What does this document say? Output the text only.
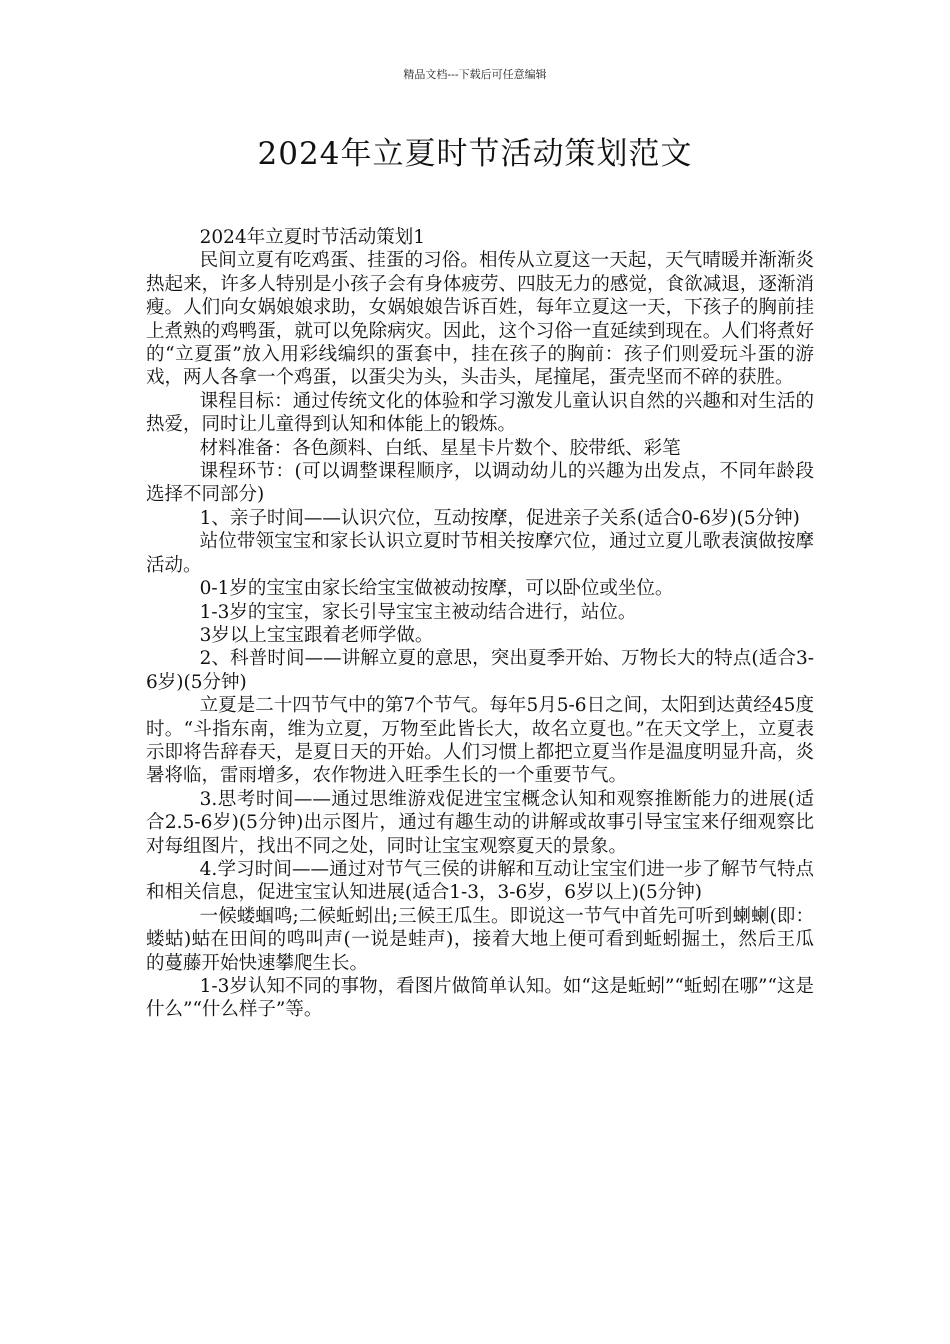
精品文档---下载后可任意编辑
2024年立夏时节活动策划范文

2024年立夏时节活动策划1

民间立夏有吃鸡蛋、挂蛋的习俗。相传从立夏这一天起，天气晴暖并渐渐炎热起来，许多人特别是小孩子会有身体疲劳、四肢无力的感觉，食欲减退，逐渐消瘦。人们向女娲娘娘求助，女娲娘娘告诉百姓，每年立夏这一天，下孩子的胸前挂上煮熟的鸡鸭蛋，就可以免除病灾。因此，这个习俗一直延续到现在。人们将煮好的“立夏蛋”放入用彩线编织的蛋套中，挂在孩子的胸前：孩子们则爱玩斗蛋的游戏，两人各拿一个鸡蛋，以蛋尖为头，头击头，尾撞尾，蛋壳坚而不碎的获胜。

课程目标：通过传统文化的体验和学习激发儿童认识自然的兴趣和对生活的热爱，同时让儿童得到认知和体能上的锻炼。

材料准备：各色颜料、白纸、星星卡片数个、胶带纸、彩笔

课程环节：(可以调整课程顺序，以调动幼儿的兴趣为出发点，不同年龄段选择不同部分)

1、亲子时间——认识穴位，互动按摩，促进亲子关系(适合0-6岁)(5分钟)

站位带领宝宝和家长认识立夏时节相关按摩穴位，通过立夏儿歌表演做按摩活动。

0-1岁的宝宝由家长给宝宝做被动按摩，可以卧位或坐位。

1-3岁的宝宝，家长引导宝宝主被动结合进行，站位。

3岁以上宝宝跟着老师学做。

2、科普时间——讲解立夏的意思，突出夏季开始、万物长大的特点(适合3-6岁)(5分钟)

立夏是二十四节气中的第7个节气。每年5月5-6日之间，太阳到达黄经45度时。“斗指东南，维为立夏，万物至此皆长大，故名立夏也。”在天文学上，立夏表示即将告辞春天，是夏日天的开始。人们习惯上都把立夏当作是温度明显升高，炎暑将临，雷雨增多，农作物进入旺季生长的一个重要节气。

3.思考时间——通过思维游戏促进宝宝概念认知和观察推断能力的进展(适合2.5-6岁)(5分钟)出示图片，通过有趣生动的讲解或故事引导宝宝来仔细观察比对每组图片，找出不同之处，同时让宝宝观察夏天的景象。

4.学习时间——通过对节气三侯的讲解和互动让宝宝们进一步了解节气特点和相关信息，促进宝宝认知进展(适合1-3，3-6岁，6岁以上)(5分钟)

一候蝼蝈鸣;二候蚯蚓出;三候王瓜生。即说这一节气中首先可听到蝲蝲(即：蝼蛄)蛄在田间的鸣叫声(一说是蛙声)，接着大地上便可看到蚯蚓掘土，然后王瓜的蔓藤开始快速攀爬生长。

1-3岁认知不同的事物，看图片做简单认知。如“这是蚯蚓”“蚯蚓在哪”“这是什么”“什么样子”等。
